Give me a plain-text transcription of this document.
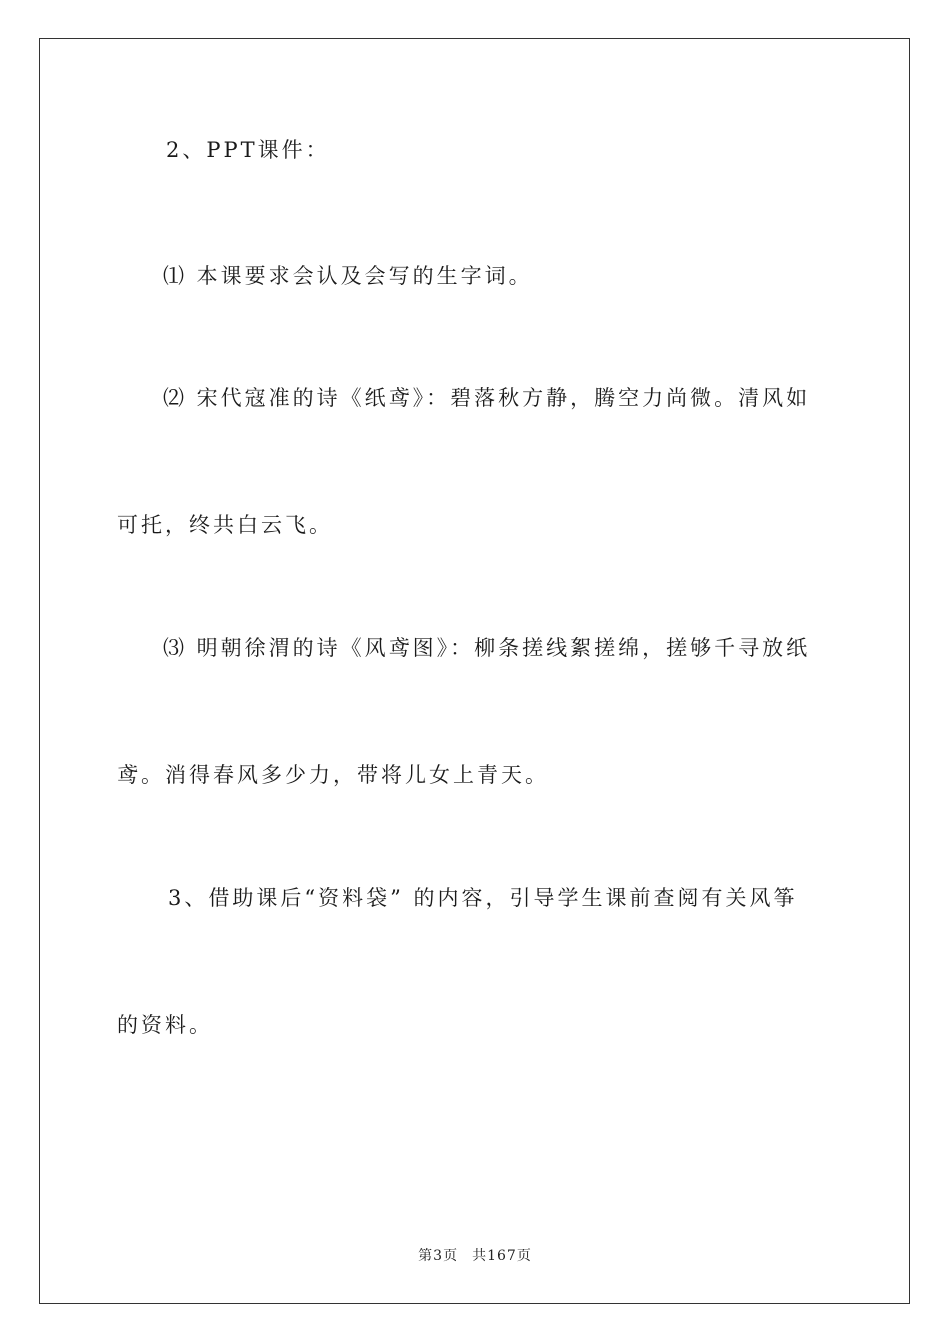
2、PPT课件：
⑴ 本课要求会认及会写的生字词。
⑵ 宋代寇准的诗《纸鸢》：碧落秋方静，腾空力尚微。清风如
可托，终共白云飞。
⑶ 明朝徐渭的诗《风鸢图》：柳条搓线絮搓绵，搓够千寻放纸
鸢。消得春风多少力，带将儿女上青天。
3、借助课后“资料袋” 的内容，引导学生课前查阅有关风筝
的资料。
第3页 共167页
